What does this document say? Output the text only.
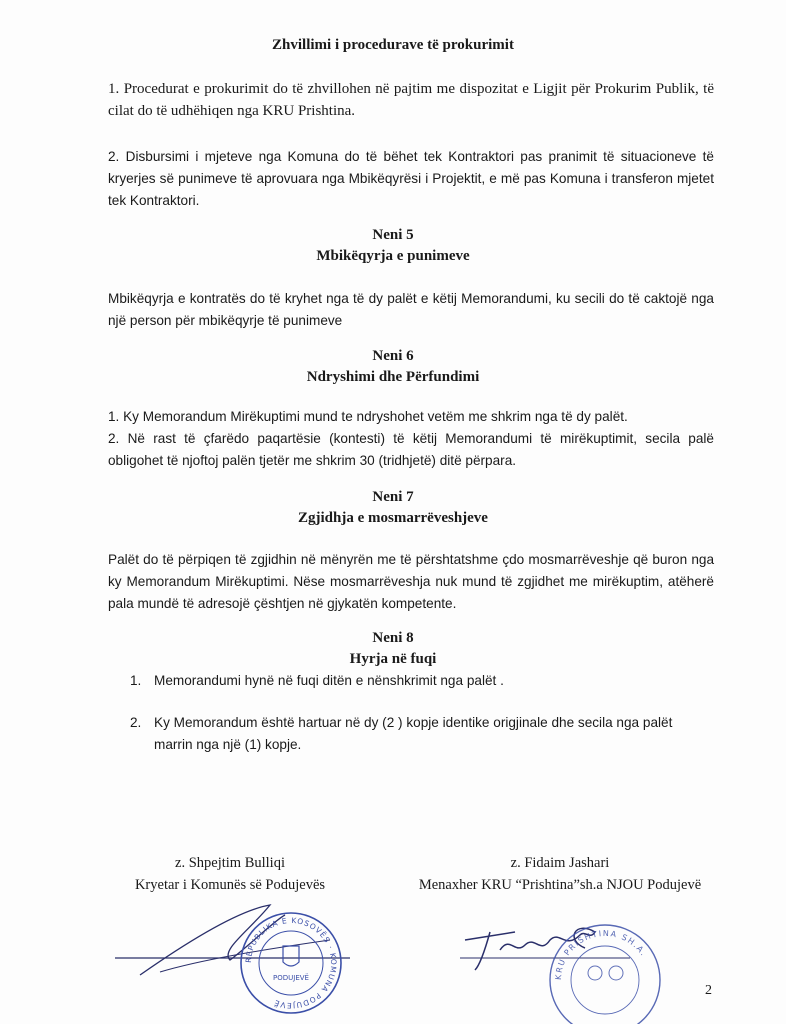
Zhvillimi i procedurave të prokurimit
1. Procedurat e prokurimit do të zhvillohen në pajtim me dispozitat e Ligjit për Prokurim Publik, të cilat do të udhëhiqen nga KRU Prishtina.
2. Disbursimi i mjeteve nga Komuna do të bëhet tek Kontraktori pas pranimit të situacioneve të kryerjes së punimeve të aprovuara nga Mbikëqyrësi i Projektit, e më pas Komuna i transferon mjetet tek Kontraktori.
Neni 5
Mbikëqyrja e punimeve
Mbikëqyrja e kontratës do të kryhet nga të dy palët e këtij Memorandumi, ku secili do të caktojë nga një person për mbikëqyrje të punimeve
Neni 6
Ndryshimi dhe Përfundimi
1. Ky Memorandum Mirëkuptimi mund te ndryshohet vetëm me shkrim nga të dy palët.
2. Në rast të çfarëdo paqartësie (kontesti) të këtij Memorandumi të mirëkuptimit, secila palë obligohet të njoftoj palën tjetër me shkrim 30 (tridhjetë) ditë përpara.
Neni 7
Zgjidhja e mosmarrëveshjeve
Palët do të përpiqen të zgjidhin në mënyrën me të përshtatshme çdo mosmarrëveshje që buron nga ky Memorandum Mirëkuptimi. Nëse mosmarrëveshja nuk mund të zgjidhet me mirëkuptim, atëherë pala mundë të adresojë çështjen në gjykatën kompetente.
Neni 8
Hyrja në fuqi
1. Memorandumi hynë në fuqi ditën e nënshkrimit nga palët .
2. Ky Memorandum është hartuar në dy (2 ) kopje identike origjinale dhe secila nga palët marrin nga një (1) kopje.
z. Shpejtim Bulliqi
Kryetar i Komunës së Podujevës
z. Fidaim Jashari
Menaxher KRU “Prishtina”sh.a NJOU Podujevë
REPUBLIKA E KOSOVËS · KOMUNA PODUJEVË
PODUJEVË	KRU PRISHTINA SH.A.
2
